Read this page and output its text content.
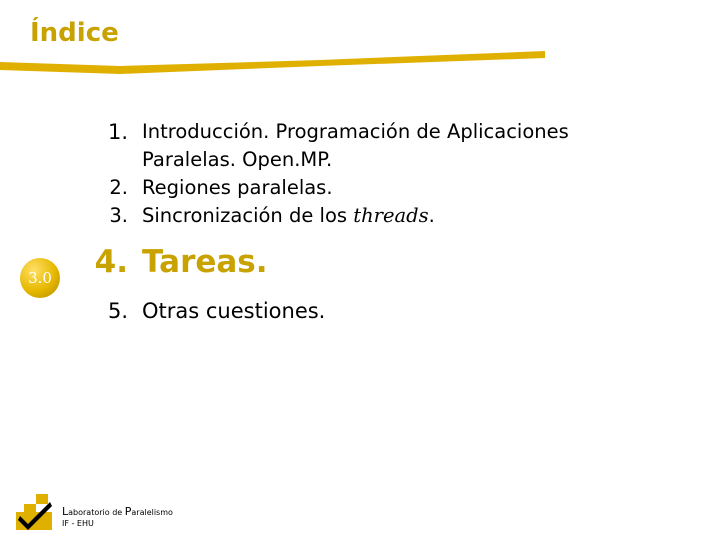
Índice
1. Introducción. Programación de Aplicaciones
Paralelas. Open.MP.
2. Regiones paralelas.
3. Sincronización de los threads.
4. Tareas.
5. Otras cuestiones.
3.0
Laboratorio de Paralelismo
IF - EHU
